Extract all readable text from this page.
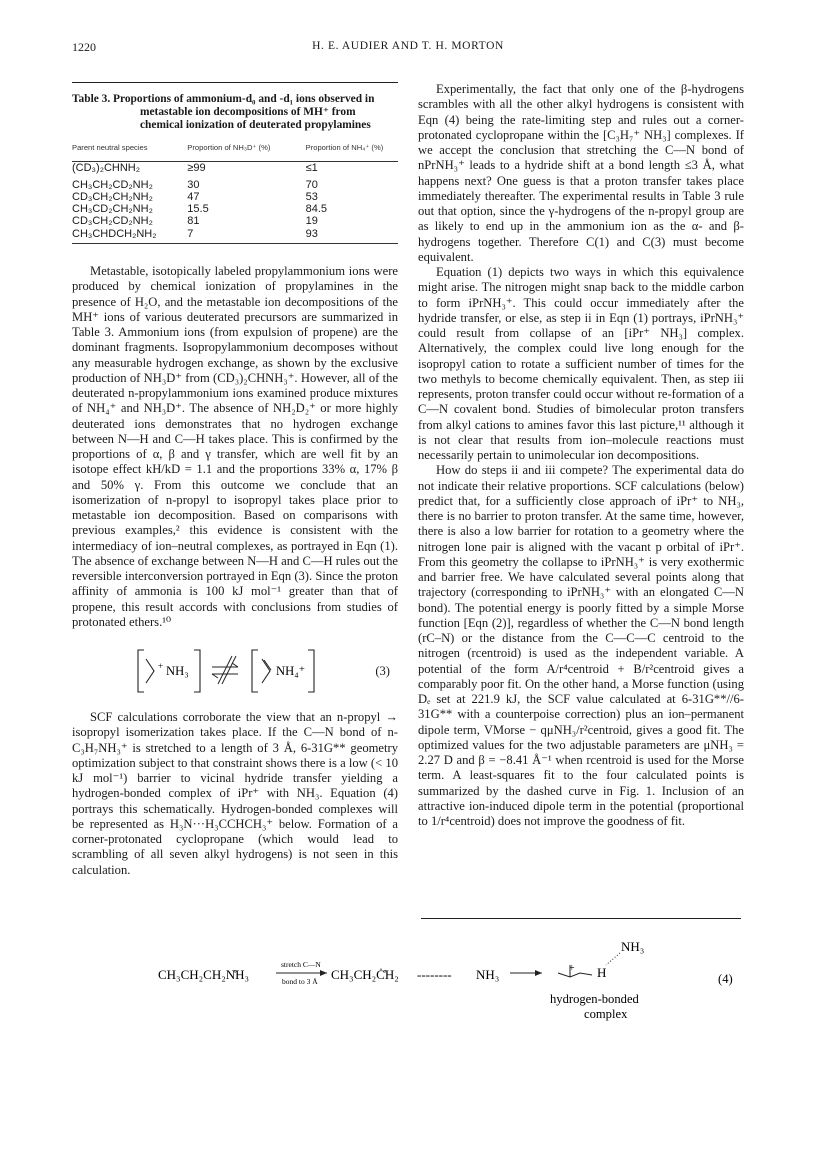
1220	H. E. AUDIER AND T. H. MORTON

Table 3. Proportions of ammonium-d₀ and -d₁ ions observed in metastable ion decompositions of MH⁺ from chemical ionization of deuterated propylamines

Parent neutral species	Proportion of NH₃D⁺ (%)	Proportion of NH₄⁺ (%)
(CD₃)₂CHNH₂	≥99	≤1
CH₃CH₂CD₂NH₂	30	70
CD₃CH₂CH₂NH₂	47	53
CH₃CD₂CH₂NH₂	15.5	84.5
CD₃CH₂CD₂NH₂	81	19
CH₃CHDCH₂NH₂	7	93

Metastable, isotopically labeled propylammonium ions were produced by chemical ionization of propylamines in the presence of H₂O, and the metastable ion decompositions of the MH⁺ ions of various deuterated precursors are summarized in Table 3. Ammonium ions (from expulsion of propene) are the dominant fragments. Isopropylammonium decomposes without any measurable hydrogen exchange, as shown by the exclusive production of NH₃D⁺ from (CD₃)₂CHNH₃⁺. However, all of the deuterated n-propylammonium ions examined produce mixtures of NH₄⁺ and NH₃D⁺. The absence of NH₂D₂⁺ or more highly deuterated ions demonstrates that no hydrogen exchange between N—H and C—H takes place. This is confirmed by the proportions of α, β and γ transfer, which are well fit by an isotope effect kH/kD = 1.1 and the proportions 33% α, 17% β and 50% γ. From this outcome we conclude that an isomerization of n-propyl to isopropyl takes place prior to metastable ion decomposition. Based on comparisons with previous examples,² this evidence is consistent with the intermediacy of ion–neutral complexes, as portrayed in Eqn (1). The absence of exchange between N—H and C—H rules out the reversible interconversion portrayed in Eqn (3). Since the proton affinity of ammonia is 100 kJ mol⁻¹ greater than that of propene, this result accords with conclusions from studies of protonated ethers.¹⁰

+ NH₃	NH₄⁺	(3)

SCF calculations corroborate the view that an n-propyl → isopropyl isomerization takes place. If the C—N bond of n-C₃H₇NH₃⁺ is stretched to a length of 3 Å, 6-31G** geometry optimization subject to that constraint shows there is a low (< 10 kJ mol⁻¹) barrier to vicinal hydride transfer yielding a hydrogen-bonded complex of iPr⁺ with NH₃. Equation (4) portrays this schematically. Hydrogen-bonded complexes will be represented as H₃N···H₃CCHCH₃⁺ below. Formation of a corner-protonated cyclopropane (which would lead to scrambling of all seven alkyl hydrogens) is not seen in this calculation.

Experimentally, the fact that only one of the β-hydrogens scrambles with all the other alkyl hydrogens is consistent with Eqn (4) being the rate-limiting step and rules out a corner-protonated cyclopropane within the [C₃H₇⁺ NH₃] complexes. If we accept the conclusion that stretching the C—N bond of nPrNH₃⁺ leads to a hydride shift at a bond length ≤3 Å, what happens next? One guess is that a proton transfer takes place immediately thereafter. The experimental results in Table 3 rule out that option, since the γ-hydrogens of the n-propyl group are as likely to end up in the ammonium ion as the α- and β-hydrogens together. Therefore C(1) and C(3) must become equivalent.

Equation (1) depicts two ways in which this equivalence might arise. The nitrogen might snap back to the middle carbon to form iPrNH₃⁺. This could occur immediately after the hydride transfer, or else, as step ii in Eqn (1) portrays, iPrNH₃⁺ could result from collapse of an [iPr⁺ NH₃] complex. Alternatively, the complex could live long enough for the isopropyl cation to rotate a sufficient number of times for the two methyls to become chemically equivalent. Then, as step iii represents, proton transfer could occur without re-formation of a C—N covalent bond. Studies of bimolecular proton transfers from alkyl cations to amines favor this last picture,¹¹ although it is not clear that results from ion–molecule reactions must necessarily pertain to unimolecular ion decompositions.

How do steps ii and iii compete? The experimental data do not indicate their relative proportions. SCF calculations (below) predict that, for a sufficiently close approach of iPr⁺ to NH₃, there is no barrier to proton transfer. At the same time, however, there is also a low barrier for rotation to a geometry where the nitrogen lone pair is aligned with the vacant p orbital of iPr⁺. From this geometry the collapse to iPrNH₃⁺ is very exothermic and barrier free. We have calculated several points along that trajectory (corresponding to iPrNH₃⁺ with an elongated C—N bond). The potential energy is poorly fitted by a simple Morse function [Eqn (2)], regardless of whether the C—N bond length (rC–N) or the distance from the C—C—C centroid to the nitrogen (rcentroid) is used as the independent variable. A potential of the form A/r⁴centroid + B/r²centroid gives a comparably poor fit. On the other hand, a Morse function (using Dₑ set at 221.9 kJ, the SCF value calculated at 6-31G**//6-31G** with a counterpoise correction) plus an ion–permanent dipole term, VMorse − qμNH₃/r²centroid, gives a good fit. The optimized values for the two adjustable parameters are μNH₃ = 2.27 D and β = −8.41 Å⁻¹ when rcentroid is used for the Morse term. A least-squares fit to the four calculated points is summarized by the dashed curve in Fig. 1. Inclusion of an attractive ion-induced dipole term in the potential (proportional to 1/r⁴centroid) does not improve the goodness of fit.

CH₃CH₂CH₂N̊H₃
stretch C—N
bond to 3 Å CH₃CH₂Ċ̊H₂ -------- NH₃
NH₃
H
+
hydrogen-bonded
complex
(4)
